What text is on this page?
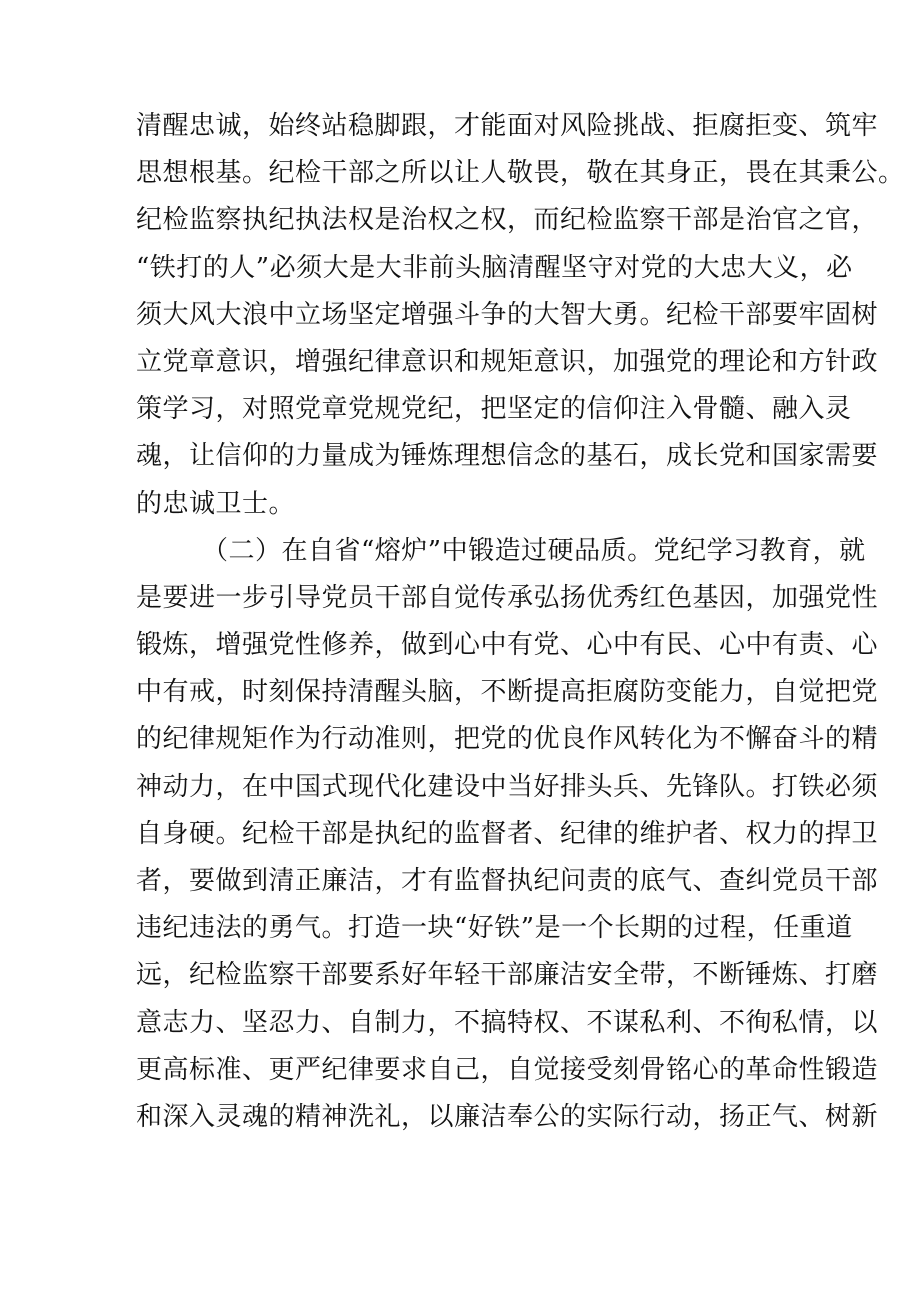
清醒忠诚，始终站稳脚跟，才能面对风险挑战、拒腐拒变、筑牢
思想根基。纪检干部之所以让人敬畏，敬在其身正，畏在其秉公。
纪检监察执纪执法权是治权之权，而纪检监察干部是治官之官，
“铁打的人”必须大是大非前头脑清醒坚守对党的大忠大义，必
须大风大浪中立场坚定增强斗争的大智大勇。纪检干部要牢固树
立党章意识，增强纪律意识和规矩意识，加强党的理论和方针政
策学习，对照党章党规党纪，把坚定的信仰注入骨髓、融入灵
魂，让信仰的力量成为锤炼理想信念的基石，成长党和国家需要
的忠诚卫士。
（二）在自省“熔炉”中锻造过硬品质。党纪学习教育，就
是要进一步引导党员干部自觉传承弘扬优秀红色基因，加强党性
锻炼，增强党性修养，做到心中有党、心中有民、心中有责、心
中有戒，时刻保持清醒头脑，不断提高拒腐防变能力，自觉把党
的纪律规矩作为行动准则，把党的优良作风转化为不懈奋斗的精
神动力，在中国式现代化建设中当好排头兵、先锋队。打铁必须
自身硬。纪检干部是执纪的监督者、纪律的维护者、权力的捍卫
者，要做到清正廉洁，才有监督执纪问责的底气、查纠党员干部
违纪违法的勇气。打造一块“好铁”是一个长期的过程，任重道
远，纪检监察干部要系好年轻干部廉洁安全带，不断锤炼、打磨
意志力、坚忍力、自制力，不搞特权、不谋私利、不徇私情，以
更高标准、更严纪律要求自己，自觉接受刻骨铭心的革命性锻造
和深入灵魂的精神洗礼，以廉洁奉公的实际行动，扬正气、树新
